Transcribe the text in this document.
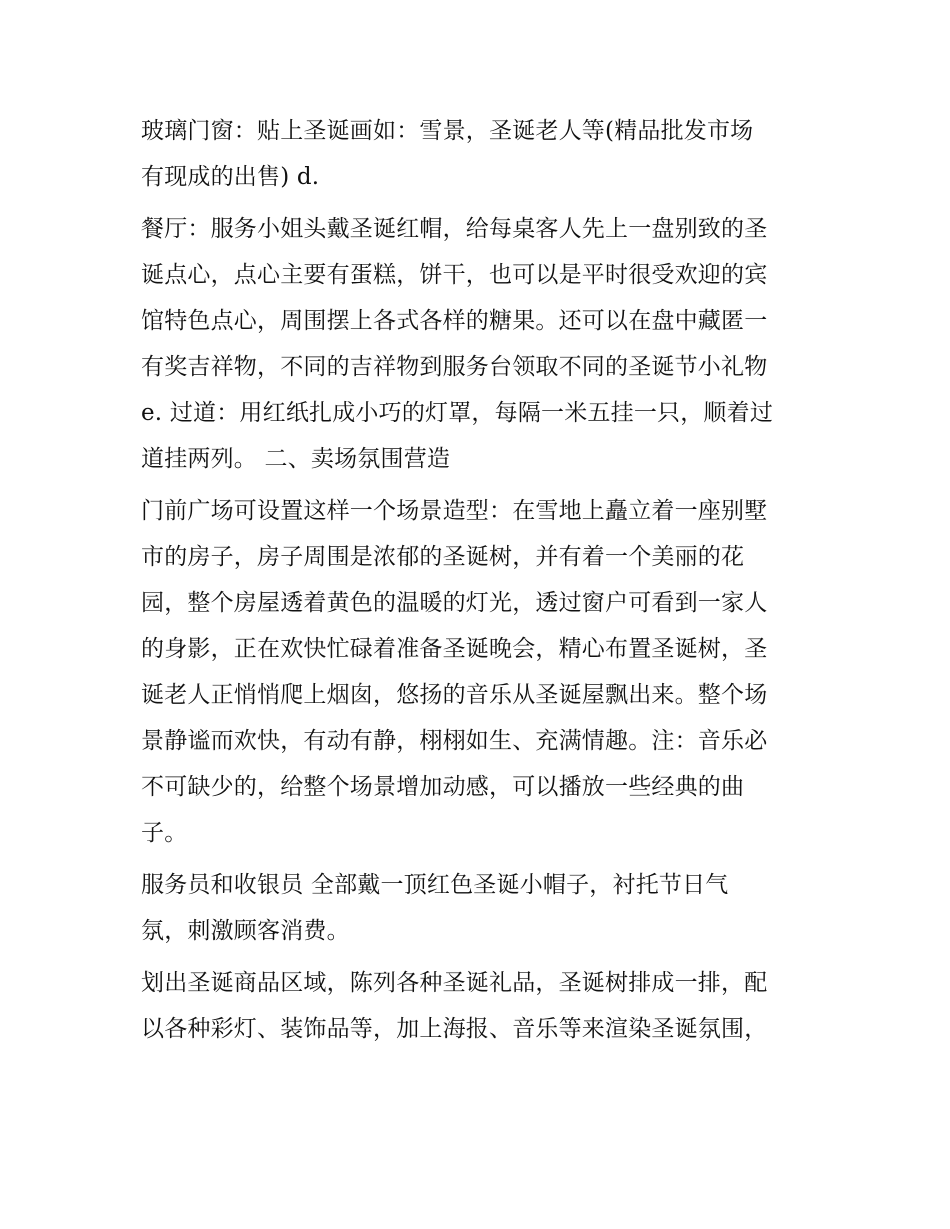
玻璃门窗：贴上圣诞画如：雪景，圣诞老人等(精品批发市场
有现成的出售) d.
餐厅：服务小姐头戴圣诞红帽，给每桌客人先上一盘别致的圣
诞点心，点心主要有蛋糕，饼干，也可以是平时很受欢迎的宾
馆特色点心，周围摆上各式各样的糖果。还可以在盘中藏匿一
有奖吉祥物，不同的吉祥物到服务台领取不同的圣诞节小礼物
e. 过道：用红纸扎成小巧的灯罩，每隔一米五挂一只，顺着过
道挂两列。 二、卖场氛围营造
门前广场可设置这样一个场景造型：在雪地上矗立着一座别墅
市的房子，房子周围是浓郁的圣诞树，并有着一个美丽的花
园，整个房屋透着黄色的温暖的灯光，透过窗户可看到一家人
的身影，正在欢快忙碌着准备圣诞晚会，精心布置圣诞树，圣
诞老人正悄悄爬上烟囱，悠扬的音乐从圣诞屋飘出来。整个场
景静谧而欢快，有动有静，栩栩如生、充满情趣。注：音乐必
不可缺少的，给整个场景增加动感，可以播放一些经典的曲
子。
服务员和收银员 全部戴一顶红色圣诞小帽子，衬托节日气
氛，刺激顾客消费。
划出圣诞商品区域，陈列各种圣诞礼品，圣诞树排成一排，配
以各种彩灯、装饰品等，加上海报、音乐等来渲染圣诞氛围，
